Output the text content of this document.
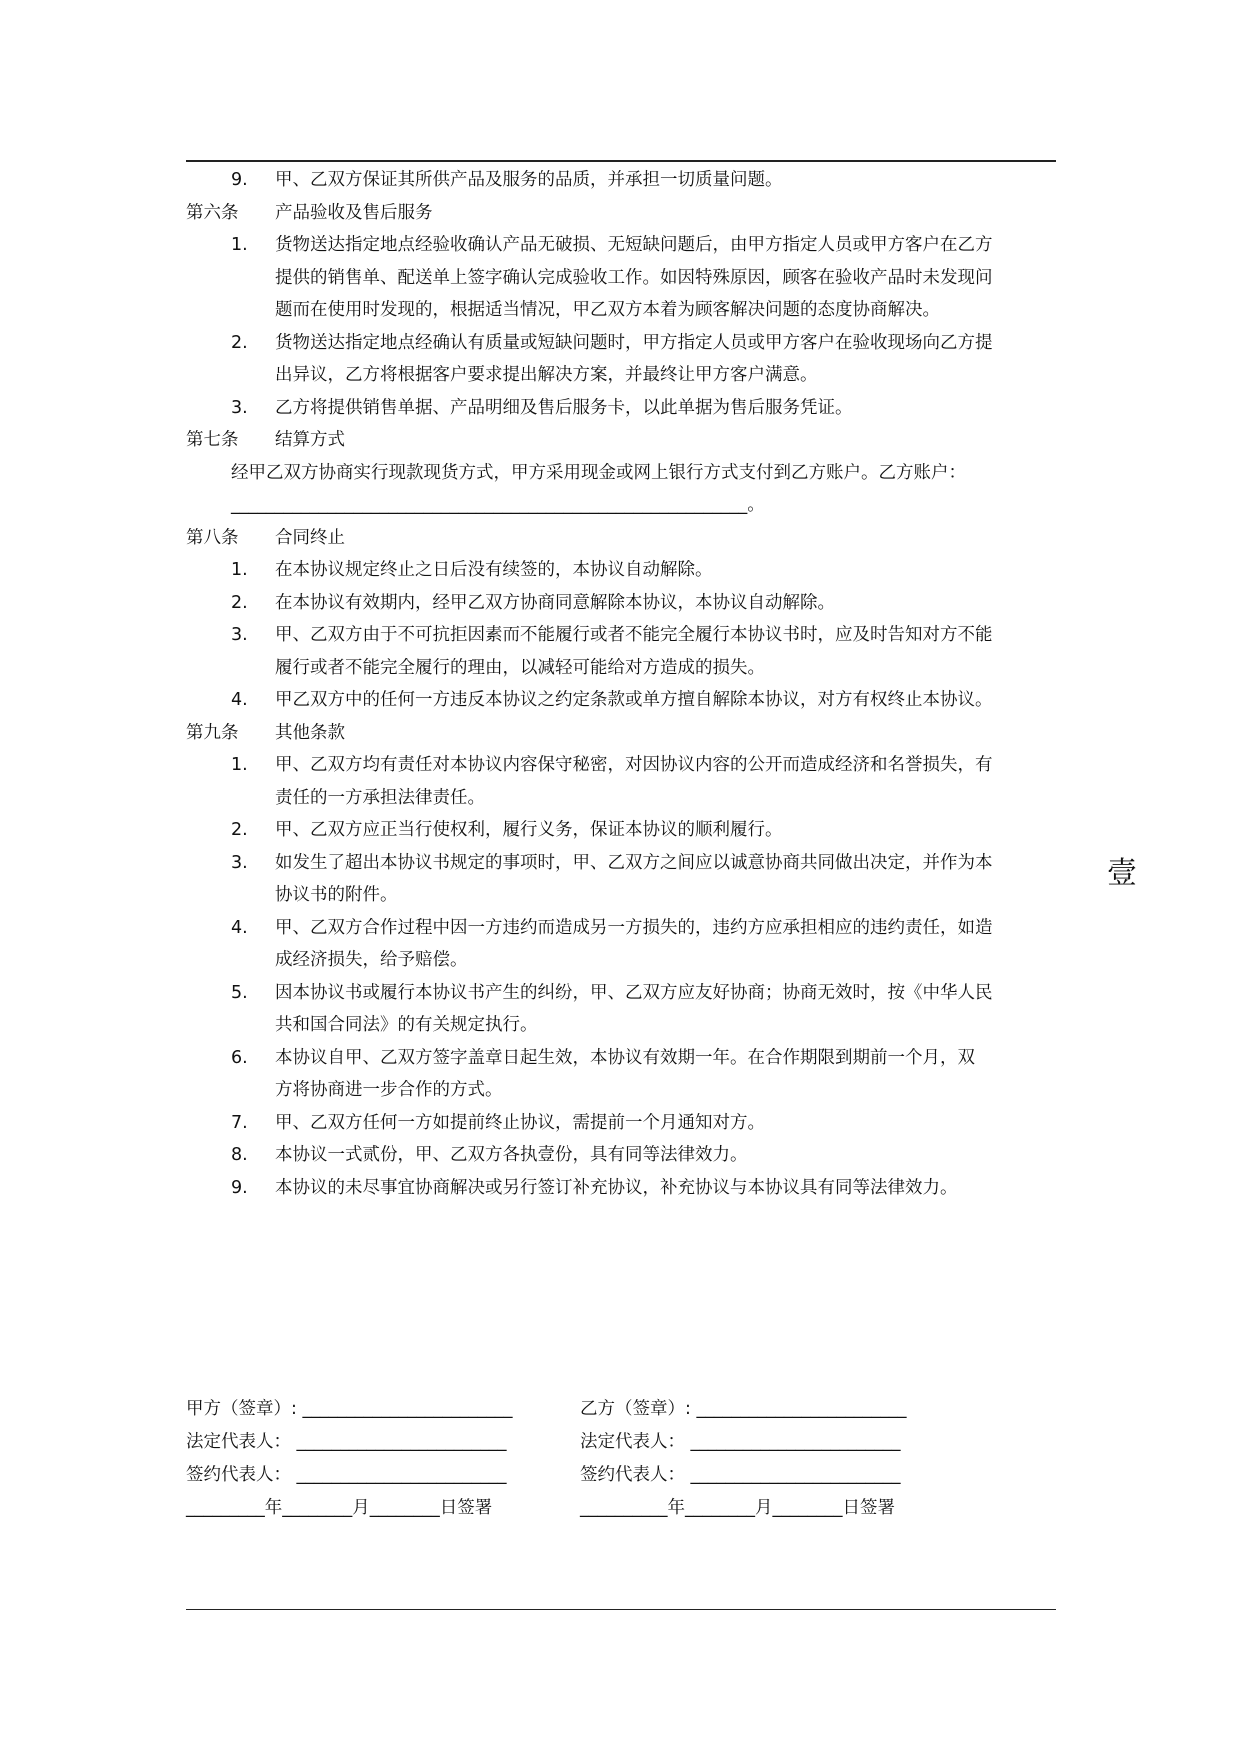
9. 甲、乙双方保证其所供产品及服务的品质，并承担一切质量问题。
第六条 产品验收及售后服务
1. 货物送达指定地点经验收确认产品无破损、无短缺问题后，由甲方指定人员或甲方客户在乙方
提供的销售单、配送单上签字确认完成验收工作。如因特殊原因，顾客在验收产品时未发现问
题而在使用时发现的，根据适当情况，甲乙双方本着为顾客解决问题的态度协商解决。
2. 货物送达指定地点经确认有质量或短缺问题时，甲方指定人员或甲方客户在验收现场向乙方提
出异议，乙方将根据客户要求提出解决方案，并最终让甲方客户满意。
3. 乙方将提供销售单据、产品明细及售后服务卡，以此单据为售后服务凭证。
第七条 结算方式
经甲乙双方协商实行现款现货方式，甲方采用现金或网上银行方式支付到乙方账户。乙方账户：
___________________________________________________________。
第八条 合同终止
1. 在本协议规定终止之日后没有续签的，本协议自动解除。
2. 在本协议有效期内，经甲乙双方协商同意解除本协议，本协议自动解除。
3. 甲、乙双方由于不可抗拒因素而不能履行或者不能完全履行本协议书时，应及时告知对方不能
履行或者不能完全履行的理由，以减轻可能给对方造成的损失。
4. 甲乙双方中的任何一方违反本协议之约定条款或单方擅自解除本协议，对方有权终止本协议。
第九条 其他条款
1. 甲、乙双方均有责任对本协议内容保守秘密，对因协议内容的公开而造成经济和名誉损失，有
责任的一方承担法律责任。
2. 甲、乙双方应正当行使权利，履行义务，保证本协议的顺利履行。
3. 如发生了超出本协议书规定的事项时，甲、乙双方之间应以诚意协商共同做出决定，并作为本
协议书的附件。
4. 甲、乙双方合作过程中因一方违约而造成另一方损失的，违约方应承担相应的违约责任，如造
成经济损失，给予赔偿。
5. 因本协议书或履行本协议书产生的纠纷，甲、乙双方应友好协商；协商无效时，按《中华人民
共和国合同法》的有关规定执行。
6. 本协议自甲、乙双方签字盖章日起生效，本协议有效期一年。在合作期限到期前一个月，双
方将协商进一步合作的方式。
7. 甲、乙双方任何一方如提前终止协议，需提前一个月通知对方。
8. 本协议一式贰份，甲、乙双方各执壹份，具有同等法律效力。
9. 本协议的未尽事宜协商解决或另行签订补充协议，补充协议与本协议具有同等法律效力。
壹
甲方（签章）: ________________________
法定代表人： ________________________
签约代表人： ________________________
_________年________月________日签署
乙方（签章）: ________________________
法定代表人： ________________________
签约代表人： ________________________
__________年________月________日签署
